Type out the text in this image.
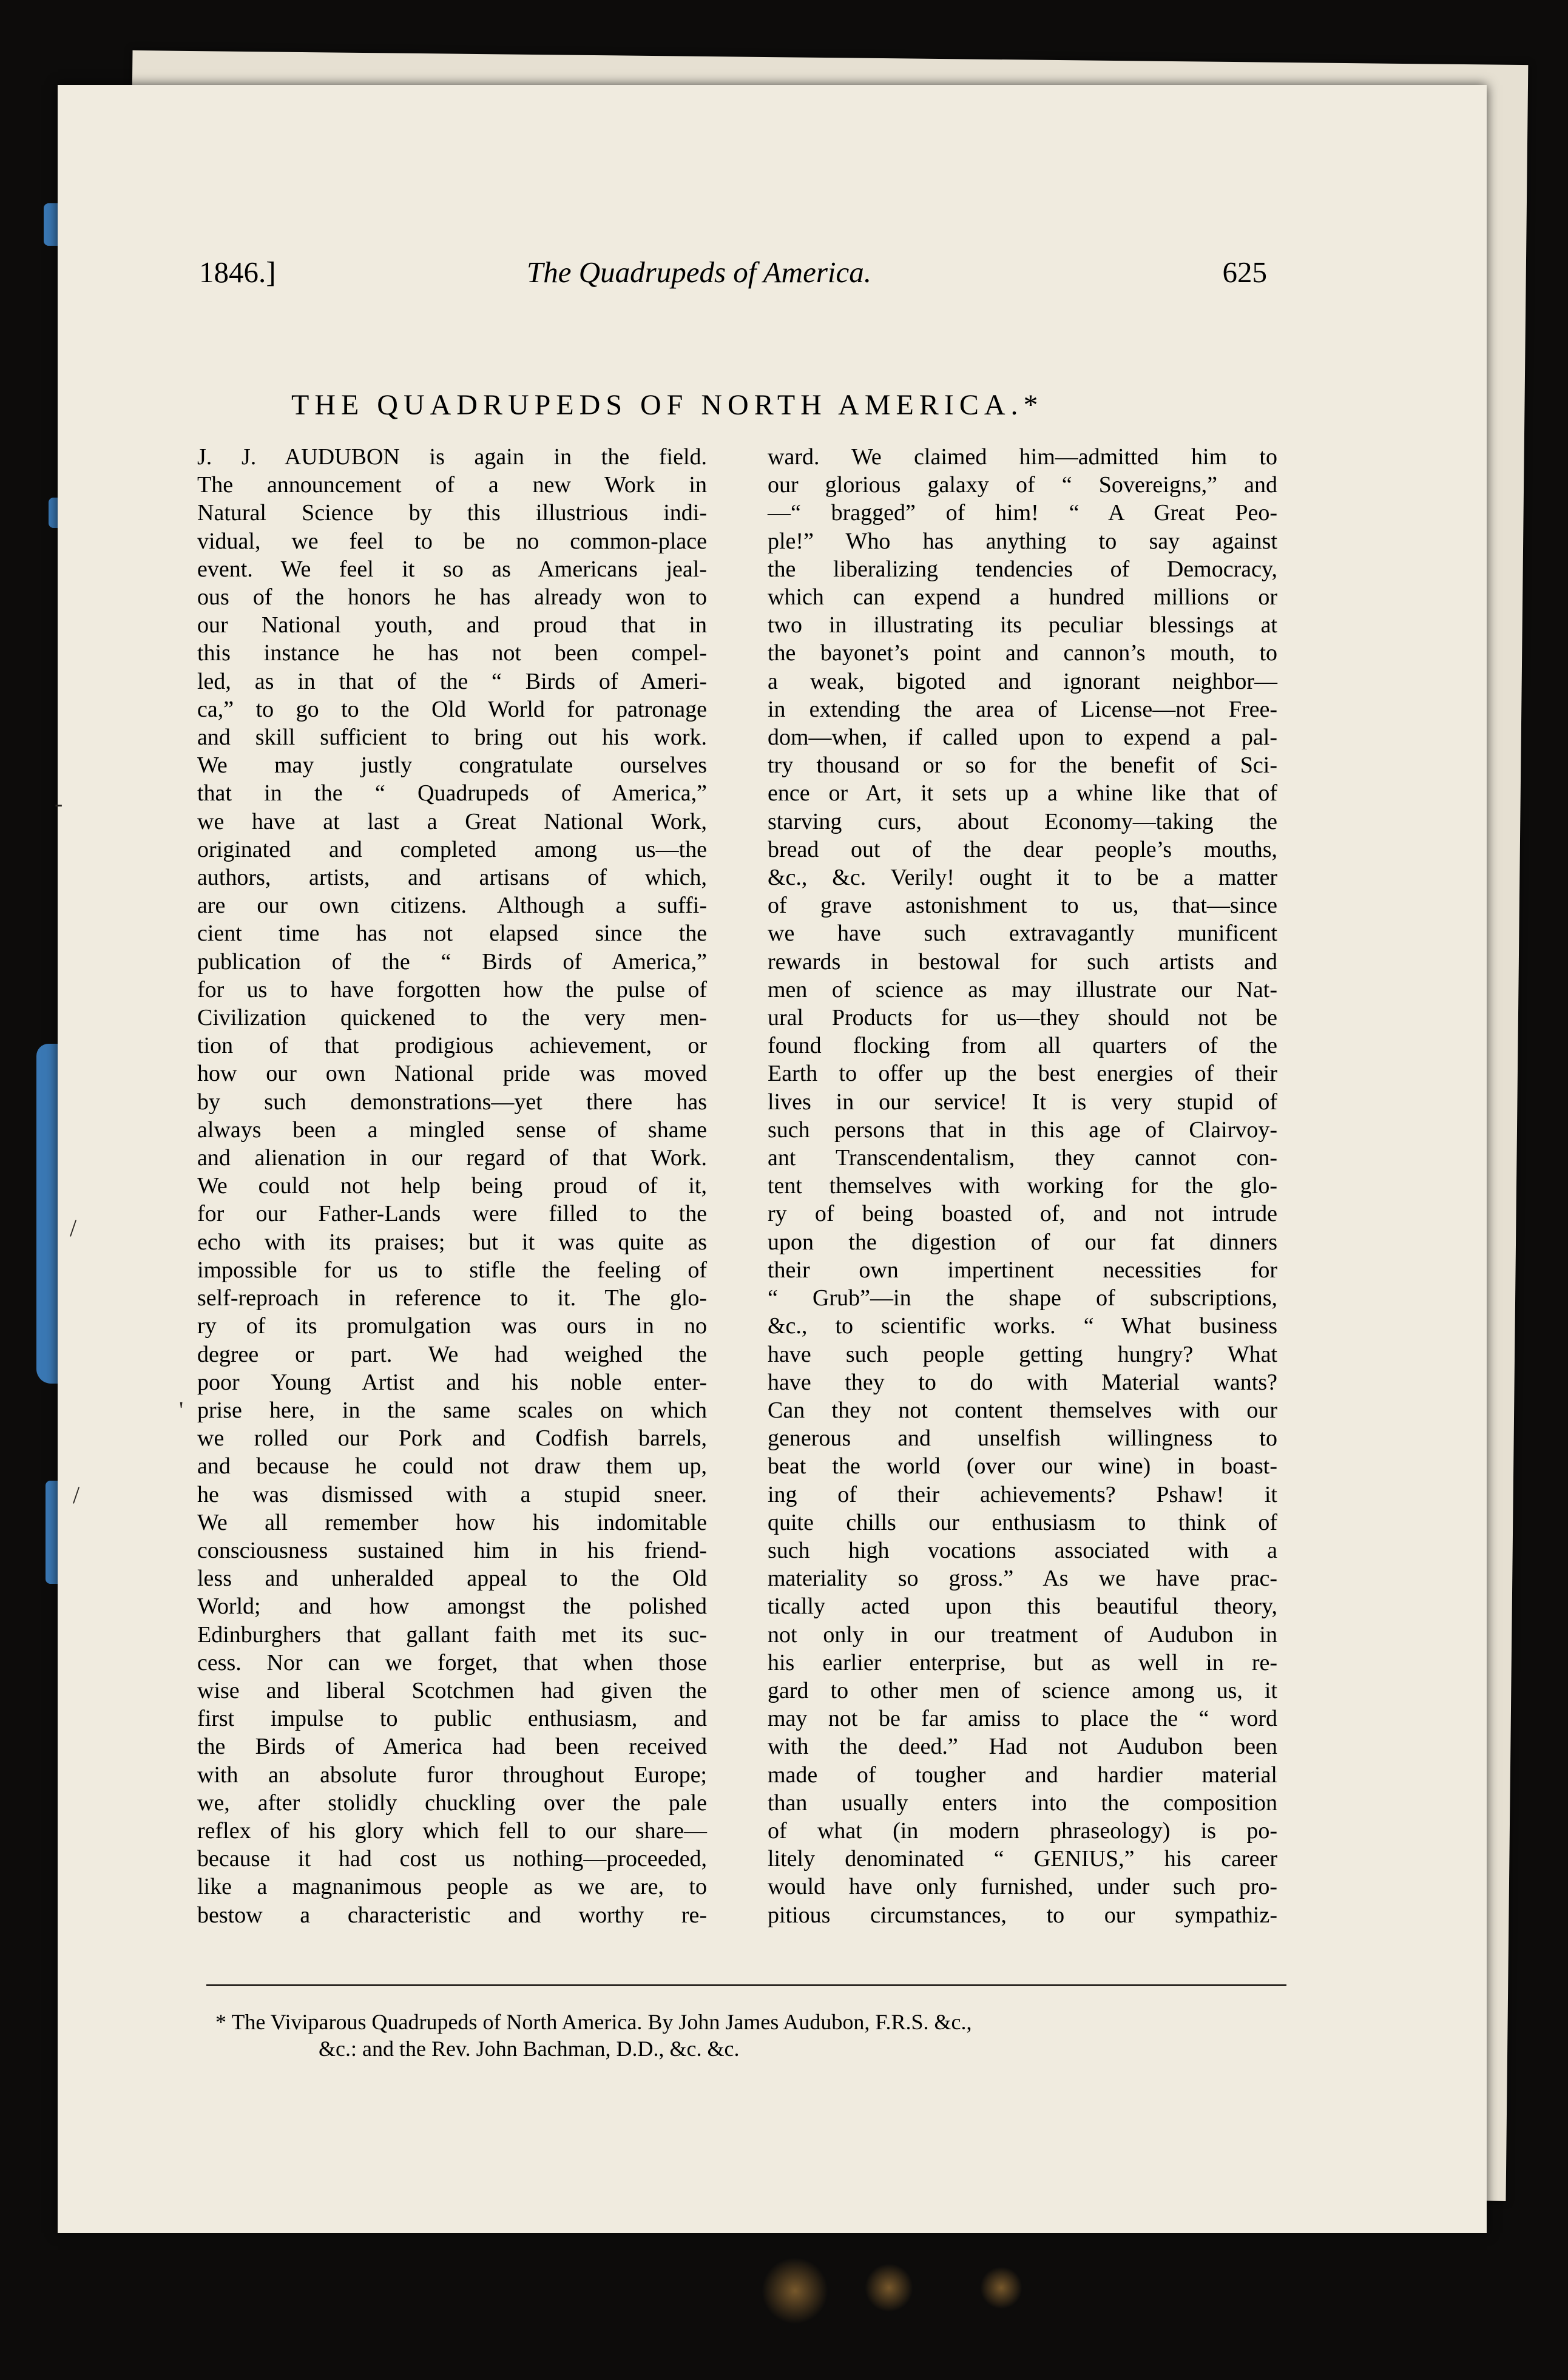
-
/
'
/
1846.]	The Quadrupeds of America.	625
THE QUADRUPEDS OF NORTH AMERICA.*
J. J. AUDUBON is again in the field.
The announcement of a new Work in
Natural Science by this illustrious indi-
vidual, we feel to be no common-place
event. We feel it so as Americans jeal-
ous of the honors he has already won to
our National youth, and proud that in
this instance he has not been compel-
led, as in that of the “ Birds of Ameri-
ca,” to go to the Old World for patronage
and skill sufficient to bring out his work.
We may justly congratulate ourselves
that in the “ Quadrupeds of America,”
we have at last a Great National Work,
originated and completed among us—the
authors, artists, and artisans of which,
are our own citizens. Although a suffi-
cient time has not elapsed since the
publication of the “ Birds of America,”
for us to have forgotten how the pulse of
Civilization quickened to the very men-
tion of that prodigious achievement, or
how our own National pride was moved
by such demonstrations—yet there has
always been a mingled sense of shame
and alienation in our regard of that Work.
We could not help being proud of it,
for our Father-Lands were filled to the
echo with its praises; but it was quite as
impossible for us to stifle the feeling of
self-reproach in reference to it. The glo-
ry of its promulgation was ours in no
degree or part. We had weighed the
poor Young Artist and his noble enter-
prise here, in the same scales on which
we rolled our Pork and Codfish barrels,
and because he could not draw them up,
he was dismissed with a stupid sneer.
We all remember how his indomitable
consciousness sustained him in his friend-
less and unheralded appeal to the Old
World; and how amongst the polished
Edinburghers that gallant faith met its suc-
cess. Nor can we forget, that when those
wise and liberal Scotchmen had given the
first impulse to public enthusiasm, and
the Birds of America had been received
with an absolute furor throughout Europe;
we, after stolidly chuckling over the pale
reflex of his glory which fell to our share—
because it had cost us nothing—proceeded,
like a magnanimous people as we are, to
bestow a characteristic and worthy re-
ward. We claimed him—admitted him to
our glorious galaxy of “ Sovereigns,” and
—“ bragged” of him! “ A Great Peo-
ple!” Who has anything to say against
the liberalizing tendencies of Democracy,
which can expend a hundred millions or
two in illustrating its peculiar blessings at
the bayonet’s point and cannon’s mouth, to
a weak, bigoted and ignorant neighbor—
in extending the area of License—not Free-
dom—when, if called upon to expend a pal-
try thousand or so for the benefit of Sci-
ence or Art, it sets up a whine like that of
starving curs, about Economy—taking the
bread out of the dear people’s mouths,
&c., &c. Verily! ought it to be a matter
of grave astonishment to us, that—since
we have such extravagantly munificent
rewards in bestowal for such artists and
men of science as may illustrate our Nat-
ural Products for us—they should not be
found flocking from all quarters of the
Earth to offer up the best energies of their
lives in our service! It is very stupid of
such persons that in this age of Clairvoy-
ant Transcendentalism, they cannot con-
tent themselves with working for the glo-
ry of being boasted of, and not intrude
upon the digestion of our fat dinners
their own impertinent necessities for
“ Grub”—in the shape of subscriptions,
&c., to scientific works. “ What business
have such people getting hungry? What
have they to do with Material wants?
Can they not content themselves with our
generous and unselfish willingness to
beat the world (over our wine) in boast-
ing of their achievements? Pshaw! it
quite chills our enthusiasm to think of
such high vocations associated with a
materiality so gross.” As we have prac-
tically acted upon this beautiful theory,
not only in our treatment of Audubon in
his earlier enterprise, but as well in re-
gard to other men of science among us, it
may not be far amiss to place the “ word
with the deed.” Had not Audubon been
made of tougher and hardier material
than usually enters into the composition
of what (in modern phraseology) is po-
litely denominated “ GENIUS,” his career
would have only furnished, under such pro-
pitious circumstances, to our sympathiz-
* The Viviparous Quadrupeds of North America. By John James Audubon, F.R.S. &c.,
&c.: and the Rev. John Bachman, D.D., &c. &c.
